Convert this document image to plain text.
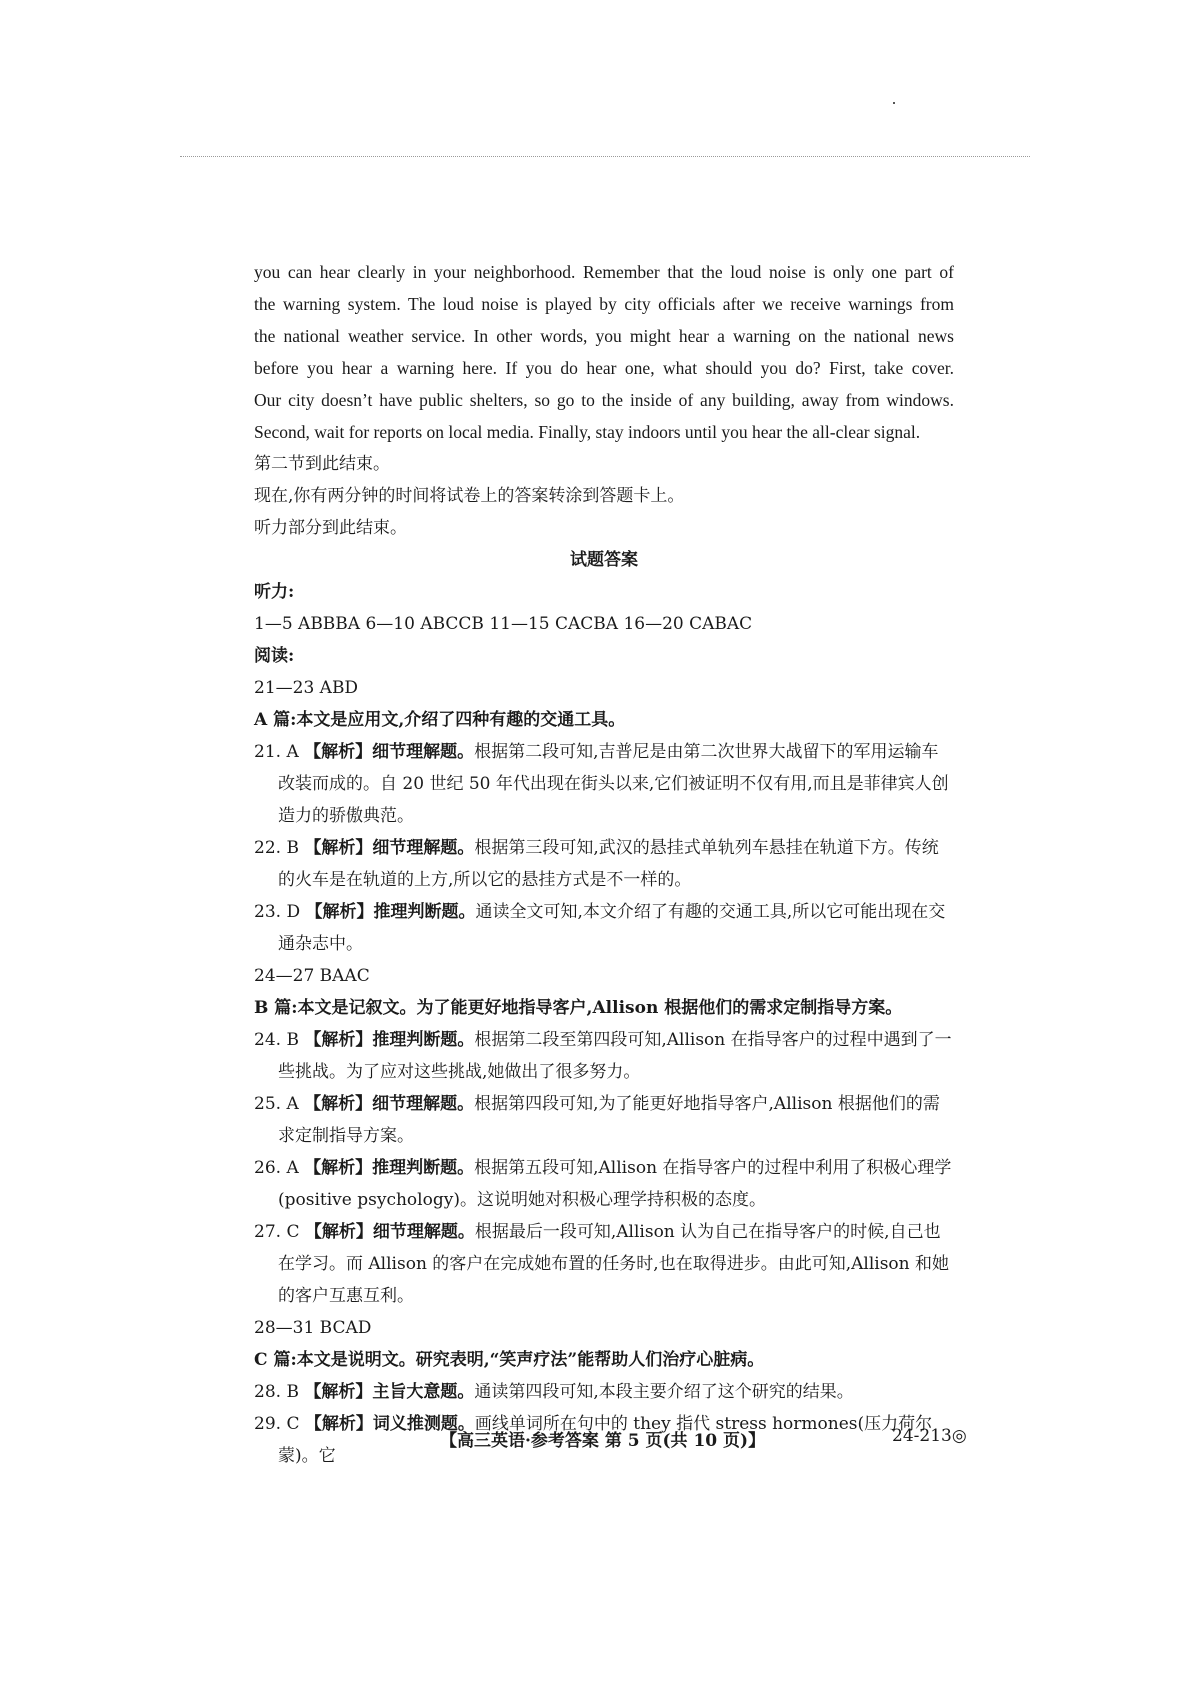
you can hear clearly in your neighborhood. Remember that the loud noise is only one part of
the warning system. The loud noise is played by city officials after we receive warnings from
the national weather service. In other words, you might hear a warning on the national news
before you hear a warning here. If you do hear one, what should you do? First, take cover.
Our city doesn’t have public shelters, so go to the inside of any building, away from windows.
Second, wait for reports on local media. Finally, stay indoors until you hear the all-clear signal.
第二节到此结束。
现在,你有两分钟的时间将试卷上的答案转涂到答题卡上。
听力部分到此结束。
试题答案
听力:
1—5 ABBBA 6—10 ABCCB 11—15 CACBA 16—20 CABAC
阅读:
21—23 ABD
A 篇:本文是应用文,介绍了四种有趣的交通工具。
21. A 【解析】细节理解题。根据第二段可知,吉普尼是由第二次世界大战留下的军用运输车改装而成的。自 20 世纪 50 年代出现在街头以来,它们被证明不仅有用,而且是菲律宾人创造力的骄傲典范。
22. B 【解析】细节理解题。根据第三段可知,武汉的悬挂式单轨列车悬挂在轨道下方。传统的火车是在轨道的上方,所以它的悬挂方式是不一样的。
23. D 【解析】推理判断题。通读全文可知,本文介绍了有趣的交通工具,所以它可能出现在交通杂志中。
24—27 BAAC
B 篇:本文是记叙文。为了能更好地指导客户,Allison 根据他们的需求定制指导方案。
24. B 【解析】推理判断题。根据第二段至第四段可知,Allison 在指导客户的过程中遇到了一些挑战。为了应对这些挑战,她做出了很多努力。
25. A 【解析】细节理解题。根据第四段可知,为了能更好地指导客户,Allison 根据他们的需求定制指导方案。
26. A 【解析】推理判断题。根据第五段可知,Allison 在指导客户的过程中利用了积极心理学(positive psychology)。这说明她对积极心理学持积极的态度。
27. C 【解析】细节理解题。根据最后一段可知,Allison 认为自己在指导客户的时候,自己也在学习。而 Allison 的客户在完成她布置的任务时,也在取得进步。由此可知,Allison 和她的客户互惠互利。
28—31 BCAD
C 篇:本文是说明文。研究表明,“笑声疗法”能帮助人们治疗心脏病。
28. B 【解析】主旨大意题。通读第四段可知,本段主要介绍了这个研究的结果。
29. C 【解析】词义推测题。画线单词所在句中的 they 指代 stress hormones(压力荷尔蒙)。它
【高三英语·参考答案 第 5 页(共 10 页)】	24-213◎
